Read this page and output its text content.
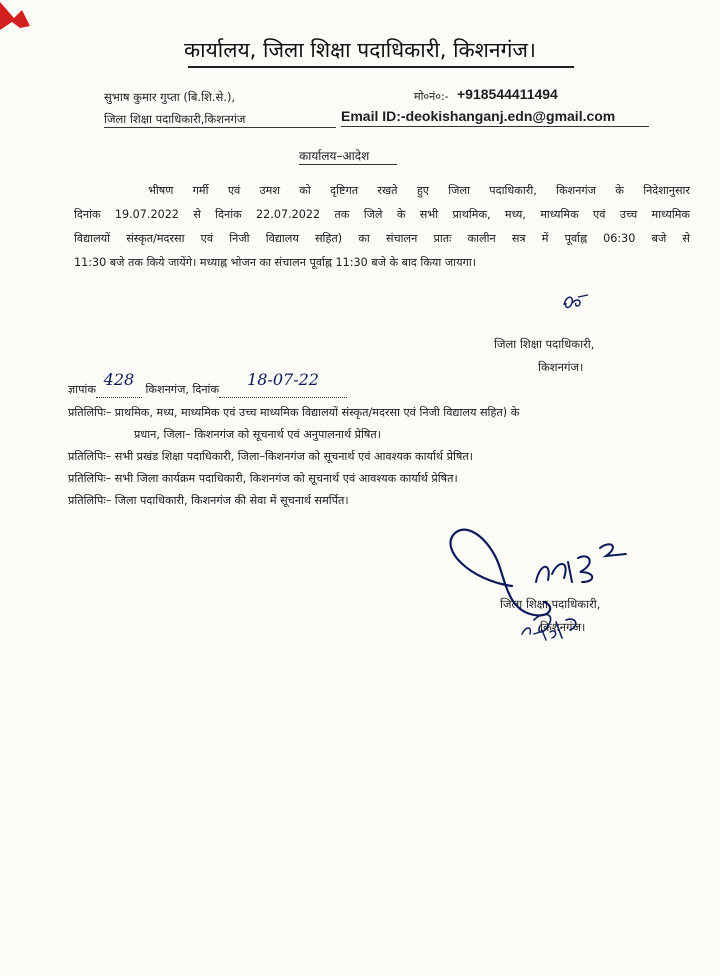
कार्यालय, जिला शिक्षा पदाधिकारी, किशनगंज।
सुभाष कुमार गुप्ता (बि.शि.से.),
जिला शिक्षा पदाधिकारी,किशनगंज
मो०नं०:- +918544411494
Email ID:-deokishanganj.edn@gmail.com
कार्यालय–आदेश
भीषण गर्मी एवं उमश को दृष्टिगत रखते हुए जिला पदाधिकारी, किशनगंज के निदेशानुसार
दिनांक 19.07.2022 से दिनांक 22.07.2022 तक जिले के सभी प्राथमिक, मध्य, माध्यमिक एवं उच्च माध्यमिक
विद्यालयों संस्कृत/मदरसा एवं निजी विद्यालय सहित) का संचालन प्रातः कालीन सत्र में पूर्वाह्न 06:30 बजे से
11:30 बजे तक किये जायेंगे। मध्याह्न भोजन का संचालन पूर्वाह्न 11:30 बजे के बाद किया जायगा।
जिला शिक्षा पदाधिकारी,
किशनगंज।
ज्ञापांक428 किशनगंज, दिनांक18-07-22
प्रतिलिपिः– प्राथमिक, मध्य, माध्यमिक एवं उच्च माध्यमिक विद्यालयों संस्कृत/मदरसा एवं निजी विद्यालय सहित) के
प्रधान, जिला– किशनगंज को सूचनार्थ एवं अनुपालनार्थ प्रेषित।
प्रतिलिपिः– सभी प्रखंड शिक्षा पदाधिकारी, जिला–किशनगंज को सूचनार्थ एवं आवश्यक कार्यार्थ प्रेषित।
प्रतिलिपिः– सभी जिला कार्यक्रम पदाधिकारी, किशनगंज को सूचनार्थ एवं आवश्यक कार्यार्थ प्रेषित।
प्रतिलिपिः– जिला पदाधिकारी, किशनगंज की सेवा में सूचनार्थ समर्पित।
जिला शिक्षा पदाधिकारी,
किशनगंज।
